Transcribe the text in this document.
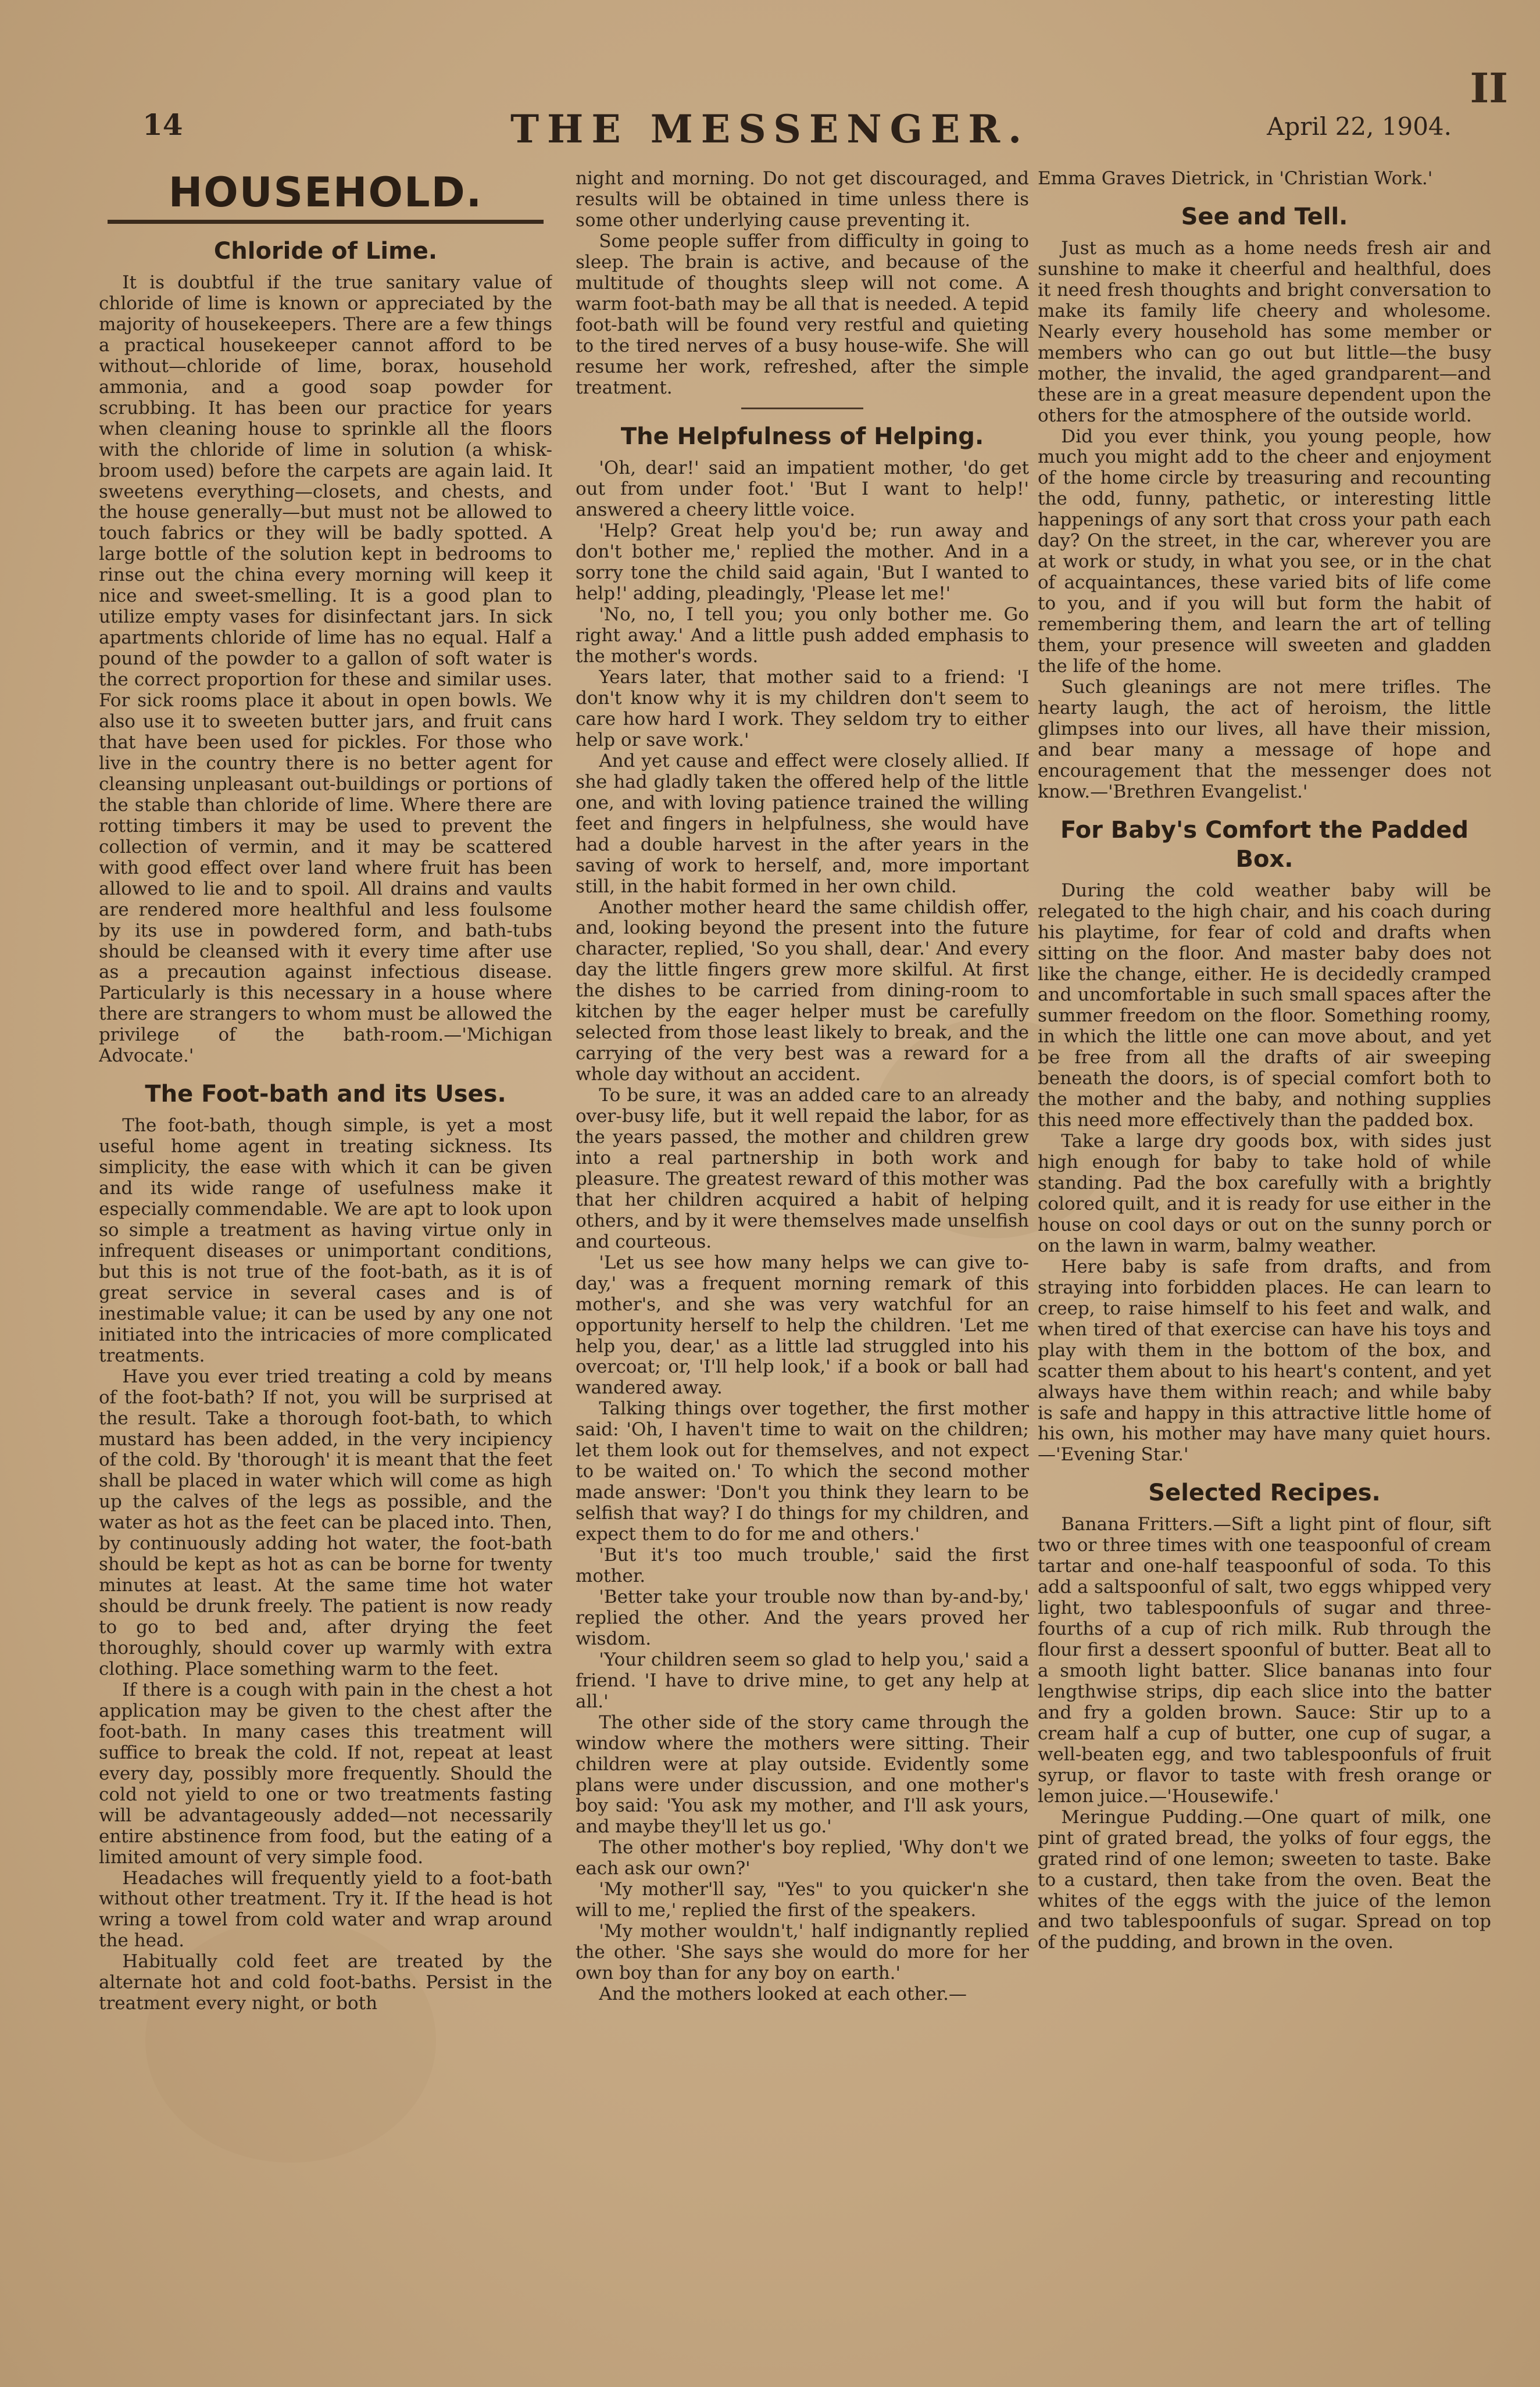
II
14	THE MESSENGER.	April 22, 1904.
HOUSEHOLD.
Chloride of Lime.

It is doubtful if the true sanitary value of chloride of lime is known or appreciated by the majority of housekeepers. There are a few things a practical housekeeper cannot afford to be without—chloride of lime, borax, household ammonia, and a good soap powder for scrubbing. It has been our practice for years when cleaning house to sprinkle all the floors with the chloride of lime in solution (a whisk-broom used) before the carpets are again laid. It sweetens everything—closets, and chests, and the house generally—but must not be allowed to touch fabrics or they will be badly spotted. A large bottle of the solution kept in bedrooms to rinse out the china every morning will keep it nice and sweet-smelling. It is a good plan to utilize empty vases for disinfectant jars. In sick apartments chloride of lime has no equal. Half a pound of the powder to a gallon of soft water is the correct proportion for these and similar uses. For sick rooms place it about in open bowls. We also use it to sweeten butter jars, and fruit cans that have been used for pickles. For those who live in the country there is no better agent for cleansing unpleasant out-buildings or portions of the stable than chloride of lime. Where there are rotting timbers it may be used to prevent the collection of vermin, and it may be scattered with good effect over land where fruit has been allowed to lie and to spoil. All drains and vaults are rendered more healthful and less foulsome by its use in powdered form, and bath-tubs should be cleansed with it every time after use as a precaution against infectious disease. Particularly is this necessary in a house where there are strangers to whom must be allowed the privilege of the bath-room.—'Michigan Advocate.'

The Foot-bath and its Uses.

The foot-bath, though simple, is yet a most useful home agent in treating sickness. Its simplicity, the ease with which it can be given and its wide range of usefulness make it especially commendable. We are apt to look upon so simple a treatment as having virtue only in infrequent diseases or unimportant conditions, but this is not true of the foot-bath, as it is of great service in several cases and is of inestimable value; it can be used by any one not initiated into the intricacies of more complicated treatments.

Have you ever tried treating a cold by means of the foot-bath? If not, you will be surprised at the result. Take a thorough foot-bath, to which mustard has been added, in the very incipiency of the cold. By 'thorough' it is meant that the feet shall be placed in water which will come as high up the calves of the legs as possible, and the water as hot as the feet can be placed into. Then, by continuously adding hot water, the foot-bath should be kept as hot as can be borne for twenty minutes at least. At the same time hot water should be drunk freely. The patient is now ready to go to bed and, after drying the feet thoroughly, should cover up warmly with extra clothing. Place something warm to the feet.

If there is a cough with pain in the chest a hot application may be given to the chest after the foot-bath. In many cases this treatment will suffice to break the cold. If not, repeat at least every day, possibly more frequently. Should the cold not yield to one or two treatments fasting will be advantageously added—not necessarily entire abstinence from food, but the eating of a limited amount of very simple food.

Headaches will frequently yield to a foot-bath without other treatment. Try it. If the head is hot wring a towel from cold water and wrap around the head.

Habitually cold feet are treated by the alternate hot and cold foot-baths. Persist in the treatment every night, or both

night and morning. Do not get discouraged, and results will be obtained in time unless there is some other underlying cause preventing it.

Some people suffer from difficulty in going to sleep. The brain is active, and because of the multitude of thoughts sleep will not come. A warm foot-bath may be all that is needed. A tepid foot-bath will be found very restful and quieting to the tired nerves of a busy house-wife. She will resume her work, refreshed, after the simple treatment.

The Helpfulness of Helping.

'Oh, dear!' said an impatient mother, 'do get out from under foot.' 'But I want to help!' answered a cheery little voice.

'Help? Great help you'd be; run away and don't bother me,' replied the mother. And in a sorry tone the child said again, 'But I wanted to help!' adding, pleadingly, 'Please let me!'

'No, no, I tell you; you only bother me. Go right away.' And a little push added emphasis to the mother's words.

Years later, that mother said to a friend: 'I don't know why it is my children don't seem to care how hard I work. They seldom try to either help or save work.'

And yet cause and effect were closely allied. If she had gladly taken the offered help of the little one, and with loving patience trained the willing feet and fingers in helpfulness, she would have had a double harvest in the after years in the saving of work to herself, and, more important still, in the habit formed in her own child.

Another mother heard the same childish offer, and, looking beyond the present into the future character, replied, 'So you shall, dear.' And every day the little fingers grew more skilful. At first the dishes to be carried from dining-room to kitchen by the eager helper must be carefully selected from those least likely to break, and the carrying of the very best was a reward for a whole day without an accident.

To be sure, it was an added care to an already over-busy life, but it well repaid the labor, for as the years passed, the mother and children grew into a real partnership in both work and pleasure. The greatest reward of this mother was that her children acquired a habit of helping others, and by it were themselves made unselfish and courteous.

'Let us see how many helps we can give to-day,' was a frequent morning remark of this mother's, and she was very watchful for an opportunity herself to help the children. 'Let me help you, dear,' as a little lad struggled into his overcoat; or, 'I'll help look,' if a book or ball had wandered away.

Talking things over together, the first mother said: 'Oh, I haven't time to wait on the children; let them look out for themselves, and not expect to be waited on.' To which the second mother made answer: 'Don't you think they learn to be selfish that way? I do things for my children, and expect them to do for me and others.'

'But it's too much trouble,' said the first mother.

'Better take your trouble now than by-and-by,' replied the other. And the years proved her wisdom.

'Your children seem so glad to help you,' said a friend. 'I have to drive mine, to get any help at all.'

The other side of the story came through the window where the mothers were sitting. Their children were at play outside. Evidently some plans were under discussion, and one mother's boy said: 'You ask my mother, and I'll ask yours, and maybe they'll let us go.'

The other mother's boy replied, 'Why don't we each ask our own?'

'My mother'll say, "Yes" to you quicker'n she will to me,' replied the first of the speakers.

'My mother wouldn't,' half indignantly replied the other. 'She says she would do more for her own boy than for any boy on earth.'

And the mothers looked at each other.—

Emma Graves Dietrick, in 'Christian Work.'

See and Tell.

Just as much as a home needs fresh air and sunshine to make it cheerful and healthful, does it need fresh thoughts and bright conversation to make its family life cheery and wholesome. Nearly every household has some member or members who can go out but little—the busy mother, the invalid, the aged grandparent—and these are in a great measure dependent upon the others for the atmosphere of the outside world.

Did you ever think, you young people, how much you might add to the cheer and enjoyment of the home circle by treasuring and recounting the odd, funny, pathetic, or interesting little happenings of any sort that cross your path each day? On the street, in the car, wherever you are at work or study, in what you see, or in the chat of acquaintances, these varied bits of life come to you, and if you will but form the habit of remembering them, and learn the art of telling them, your presence will sweeten and gladden the life of the home.

Such gleanings are not mere trifles. The hearty laugh, the act of heroism, the little glimpses into our lives, all have their mission, and bear many a message of hope and encouragement that the messenger does not know.—'Brethren Evangelist.'

For Baby's Comfort the Padded Box.

During the cold weather baby will be relegated to the high chair, and his coach during his playtime, for fear of cold and drafts when sitting on the floor. And master baby does not like the change, either. He is decidedly cramped and uncomfortable in such small spaces after the summer freedom on the floor. Something roomy, in which the little one can move about, and yet be free from all the drafts of air sweeping beneath the doors, is of special comfort both to the mother and the baby, and nothing supplies this need more effectively than the padded box.

Take a large dry goods box, with sides just high enough for baby to take hold of while standing. Pad the box carefully with a brightly colored quilt, and it is ready for use either in the house on cool days or out on the sunny porch or on the lawn in warm, balmy weather.

Here baby is safe from drafts, and from straying into forbidden places. He can learn to creep, to raise himself to his feet and walk, and when tired of that exercise can have his toys and play with them in the bottom of the box, and scatter them about to his heart's content, and yet always have them within reach; and while baby is safe and happy in this attractive little home of his own, his mother may have many quiet hours.—'Evening Star.'

Selected Recipes.

Banana Fritters.—Sift a light pint of flour, sift two or three times with one teaspoonful of cream tartar and one-half teaspoonful of soda. To this add a saltspoonful of salt, two eggs whipped very light, two tablespoonfuls of sugar and three-fourths of a cup of rich milk. Rub through the flour first a dessert spoonful of butter. Beat all to a smooth light batter. Slice bananas into four lengthwise strips, dip each slice into the batter and fry a golden brown. Sauce: Stir up to a cream half a cup of butter, one cup of sugar, a well-beaten egg, and two tablespoonfuls of fruit syrup, or flavor to taste with fresh orange or lemon juice.—'Housewife.'

Meringue Pudding.—One quart of milk, one pint of grated bread, the yolks of four eggs, the grated rind of one lemon; sweeten to taste. Bake to a custard, then take from the oven. Beat the whites of the eggs with the juice of the lemon and two tablespoonfuls of sugar. Spread on top of the pudding, and brown in the oven.
